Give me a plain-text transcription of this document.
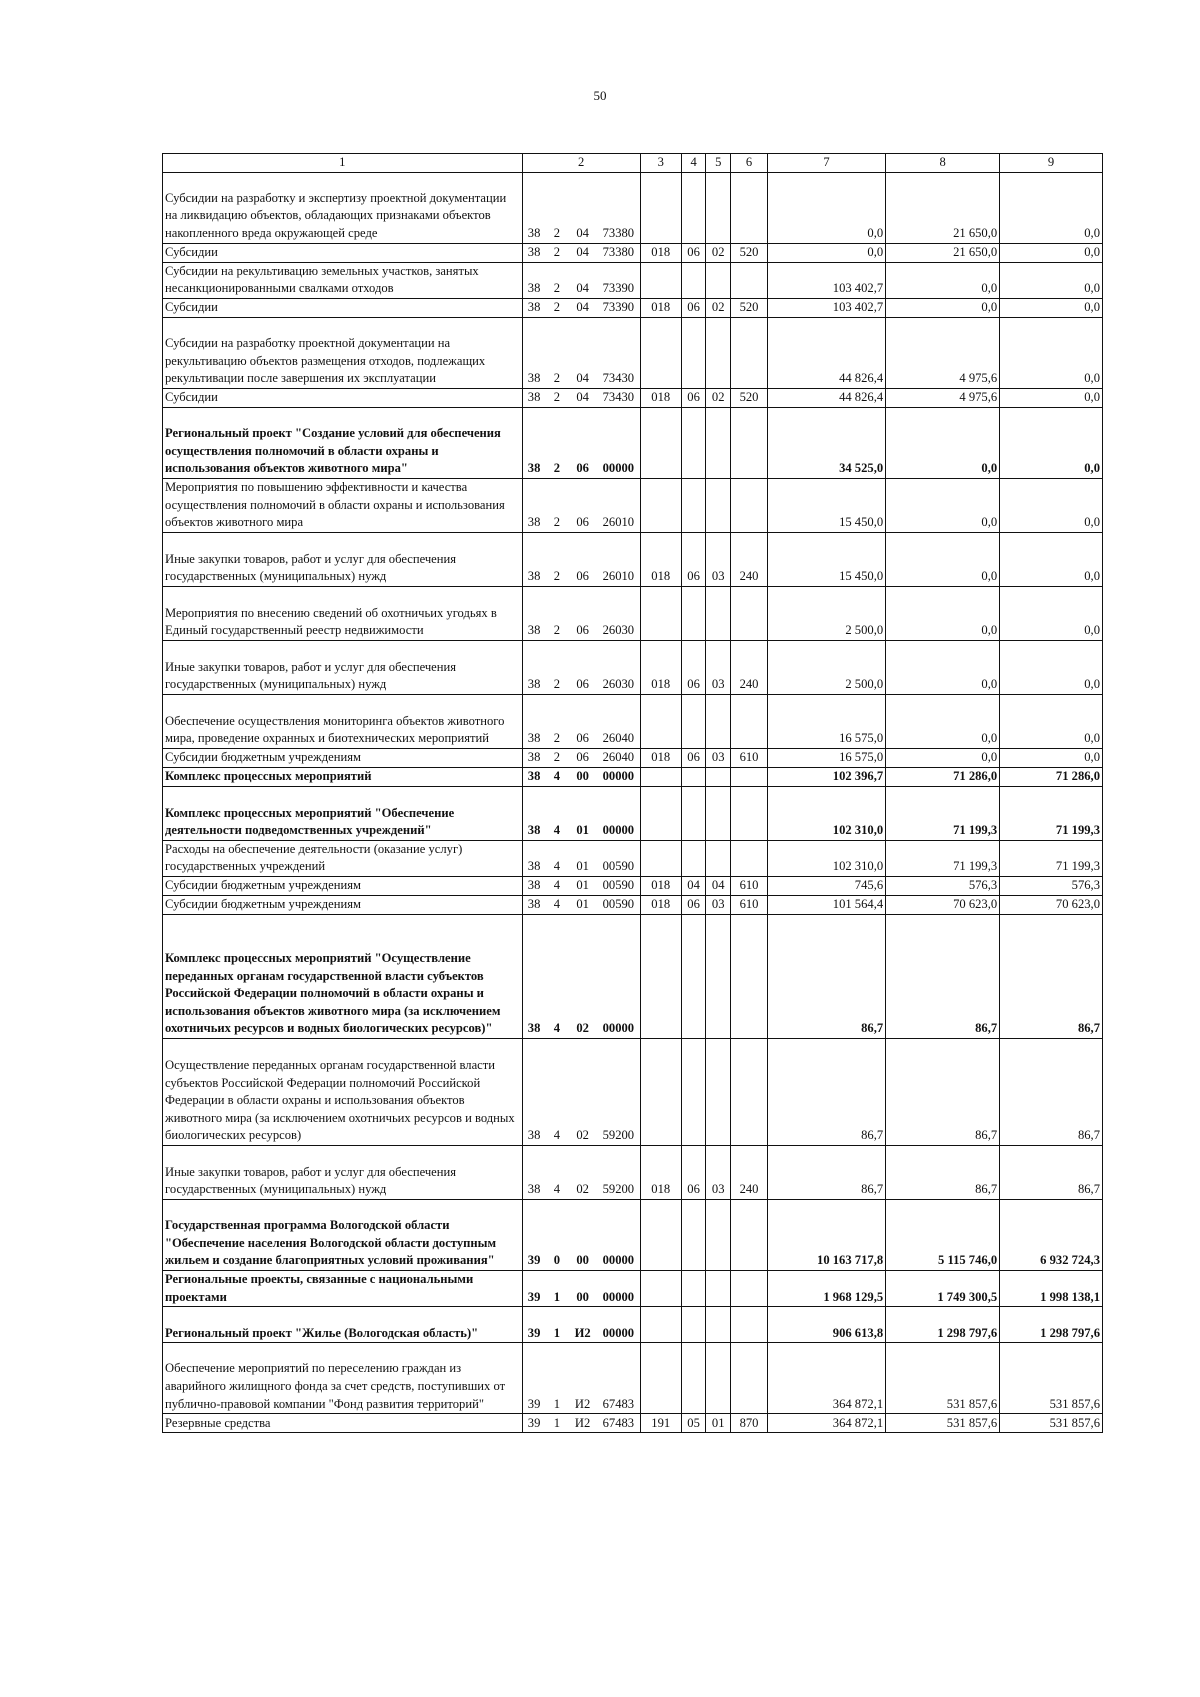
50
1	2				3	4	5	6	7	8	9
Субсидии на разработку и экспертизу проектной документации на ликвидацию объектов, обладающих признаками объектов накопленного вреда окружающей среде	38	2	04	73380					0,0	21 650,0	0,0
Субсидии	38	2	04	73380	018	06	02	520	0,0	21 650,0	0,0
Субсидии на рекультивацию земельных участков, занятых несанкционированными свалками отходов	38	2	04	73390					103 402,7	0,0	0,0
Субсидии	38	2	04	73390	018	06	02	520	103 402,7	0,0	0,0
Субсидии на разработку проектной документации на рекультивацию объектов размещения отходов, подлежащих рекультивации после завершения их эксплуатации	38	2	04	73430					44 826,4	4 975,6	0,0
Субсидии	38	2	04	73430	018	06	02	520	44 826,4	4 975,6	0,0
Региональный проект "Создание условий для обеспечения осуществления полномочий в области охраны и использования объектов животного мира"	38	2	06	00000					34 525,0	0,0	0,0
Мероприятия по повышению эффективности и качества осуществления полномочий в области охраны и использования объектов животного мира	38	2	06	26010					15 450,0	0,0	0,0
Иные закупки товаров, работ и услуг для обеспечения государственных (муниципальных) нужд	38	2	06	26010	018	06	03	240	15 450,0	0,0	0,0
Мероприятия по внесению сведений об охотничьих угодьях в Единый государственный реестр недвижимости	38	2	06	26030					2 500,0	0,0	0,0
Иные закупки товаров, работ и услуг для обеспечения государственных (муниципальных) нужд	38	2	06	26030	018	06	03	240	2 500,0	0,0	0,0
Обеспечение осуществления мониторинга объектов животного мира, проведение охранных и биотехнических мероприятий	38	2	06	26040					16 575,0	0,0	0,0
Субсидии бюджетным учреждениям	38	2	06	26040	018	06	03	610	16 575,0	0,0	0,0
Комплекс процессных мероприятий	38	4	00	00000					102 396,7	71 286,0	71 286,0
Комплекс процессных мероприятий "Обеспечение деятельности подведомственных учреждений"	38	4	01	00000					102 310,0	71 199,3	71 199,3
Расходы на обеспечение деятельности (оказание услуг) государственных учреждений	38	4	01	00590					102 310,0	71 199,3	71 199,3
Субсидии бюджетным учреждениям	38	4	01	00590	018	04	04	610	745,6	576,3	576,3
Субсидии бюджетным учреждениям	38	4	01	00590	018	06	03	610	101 564,4	70 623,0	70 623,0
Комплекс процессных мероприятий "Осуществление переданных органам государственной власти субъектов Российской Федерации полномочий в области охраны и использования объектов животного мира (за исключением охотничьих ресурсов и водных биологических ресурсов)"	38	4	02	00000					86,7	86,7	86,7
Осуществление переданных органам государственной власти субъектов Российской Федерации полномочий Российской Федерации в области охраны и использования объектов животного мира (за исключением охотничьих ресурсов и водных биологических ресурсов)	38	4	02	59200					86,7	86,7	86,7
Иные закупки товаров, работ и услуг для обеспечения государственных (муниципальных) нужд	38	4	02	59200	018	06	03	240	86,7	86,7	86,7
Государственная программа Вологодской области "Обеспечение населения Вологодской области доступным жильем и создание благоприятных условий проживания"	39	0	00	00000					10 163 717,8	5 115 746,0	6 932 724,3
Региональные проекты, связанные с национальными проектами	39	1	00	00000					1 968 129,5	1 749 300,5	1 998 138,1
Региональный проект "Жилье (Вологодская область)"	39	1	И2	00000					906 613,8	1 298 797,6	1 298 797,6
Обеспечение мероприятий по переселению граждан из аварийного жилищного фонда за счет средств, поступивших от публично-правовой компании "Фонд развития территорий"	39	1	И2	67483					364 872,1	531 857,6	531 857,6
Резервные средства	39	1	И2	67483	191	05	01	870	364 872,1	531 857,6	531 857,6
